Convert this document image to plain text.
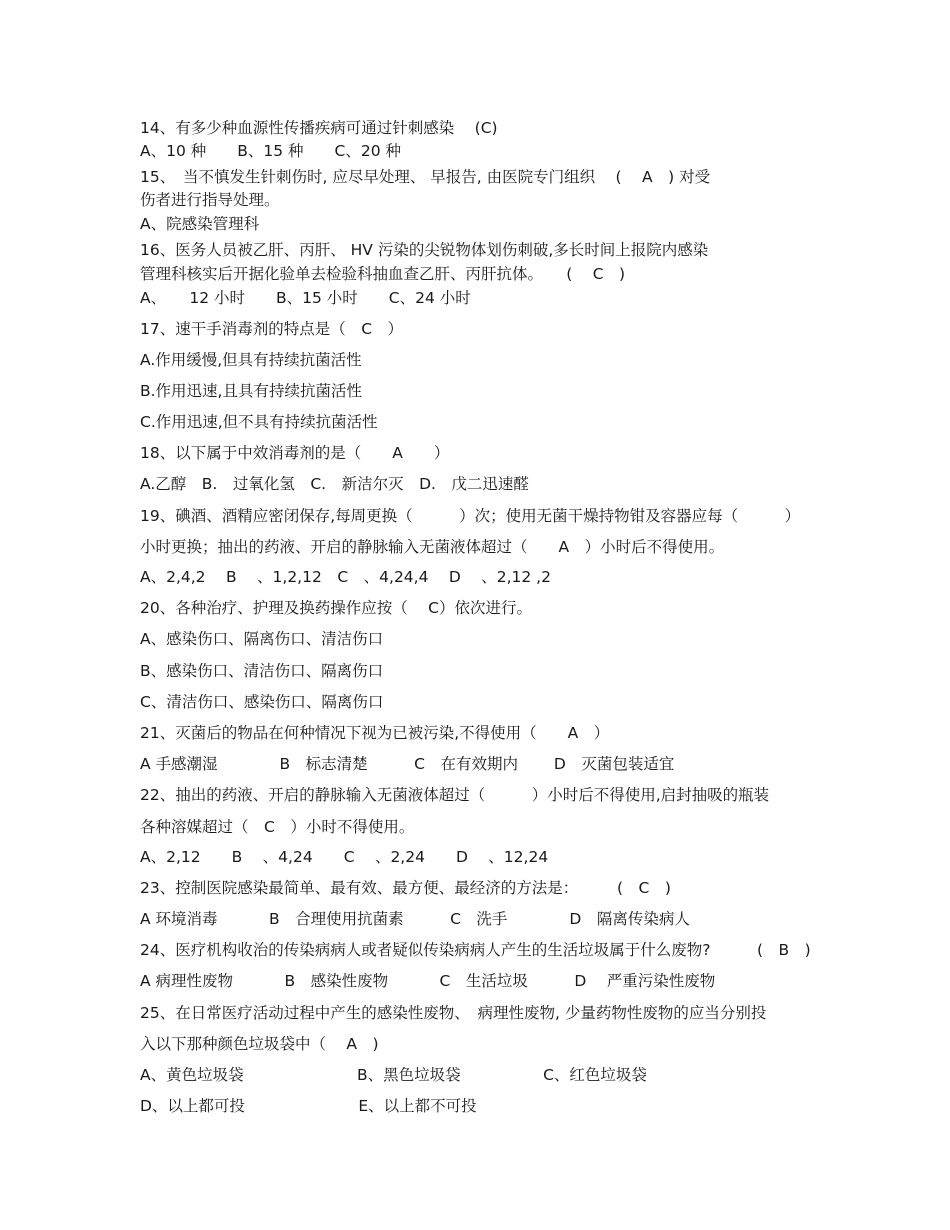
14、有多少种血源性传播疾病可通过针刺感染　 (C)
A、10 种　　B、15 种　　C、20 种
15、　当不慎发生针刺伤时, 应尽早处理、 早报告, 由医院专门组织　 (　 A　) 对受
伤者进行指导处理。
A、院感染管理科
16、医务人员被乙肝、丙肝、 HV 污染的尖锐物体划伤刺破,多长时间上报院内感染
管理科核实后开据化验单去检验科抽血查乙肝、丙肝抗体。　　(　 C　)
A、　　12 小时　　B、15 小时　　C、24 小时
17、速干手消毒剂的特点是（　C　）
A.作用缓慢,但具有持续抗菌活性
B.作用迅速,且具有持续抗菌活性
C.作用迅速,但不具有持续抗菌活性
18、以下属于中效消毒剂的是（　　A　　）
A.乙醇　B.　过氧化氢　C.　新洁尔灭　D.　戊二迅速醛
19、碘酒、酒精应密闭保存,每周更换（　　　）次；使用无菌干燥持物钳及容器应每（　　　）
小时更换；抽出的药液、开启的静脉输入无菌液体超过（　　A　）小时后不得使用。
A、2,4,2　 B　 、1,2,12　C　、4,24,4　 D　 、2,12 ,2
20、各种治疗、护理及换药操作应按（　 C）依次进行。
A、感染伤口、隔离伤口、清洁伤口
B、感染伤口、清洁伤口、隔离伤口
C、清洁伤口、感染伤口、隔离伤口
21、灭菌后的物品在何种情况下视为已被污染,不得使用（　　A　）
A 手感潮湿　　　　B　标志清楚　　　C　在有效期内　　 D　灭菌包装适宜
22、抽出的药液、开启的静脉输入无菌液体超过（　　　）小时后不得使用,启封抽吸的瓶装
各种溶媒超过（　C　）小时不得使用。
A、2,12　　B　 、4,24　　C　 、2,24　　D　 、12,24
23、控制医院感染最简单、最有效、最方便、最经济的方法是：　　　(　C　)
A 环境消毒　　　 B　合理使用抗菌素　　　C　洗手　　　　D　隔离传染病人
24、医疗机构收治的传染病病人或者疑似传染病病人产生的生活垃圾属于什么废物?　　　(　B　)
A 病理性废物　　　 B　感染性废物　　　 C　生活垃圾　　　D　 严重污染性废物
25、在日常医疗活动过程中产生的感染性废物、　病理性废物, 少量药物性废物的应当分别投
入以下那种颜色垃圾袋中（　 A　)
A、黄色垃圾袋　　　　　　　 B、黑色垃圾袋　　　　　 C、红色垃圾袋
D、以上都可投　　　　　　　 E、以上都不可投
